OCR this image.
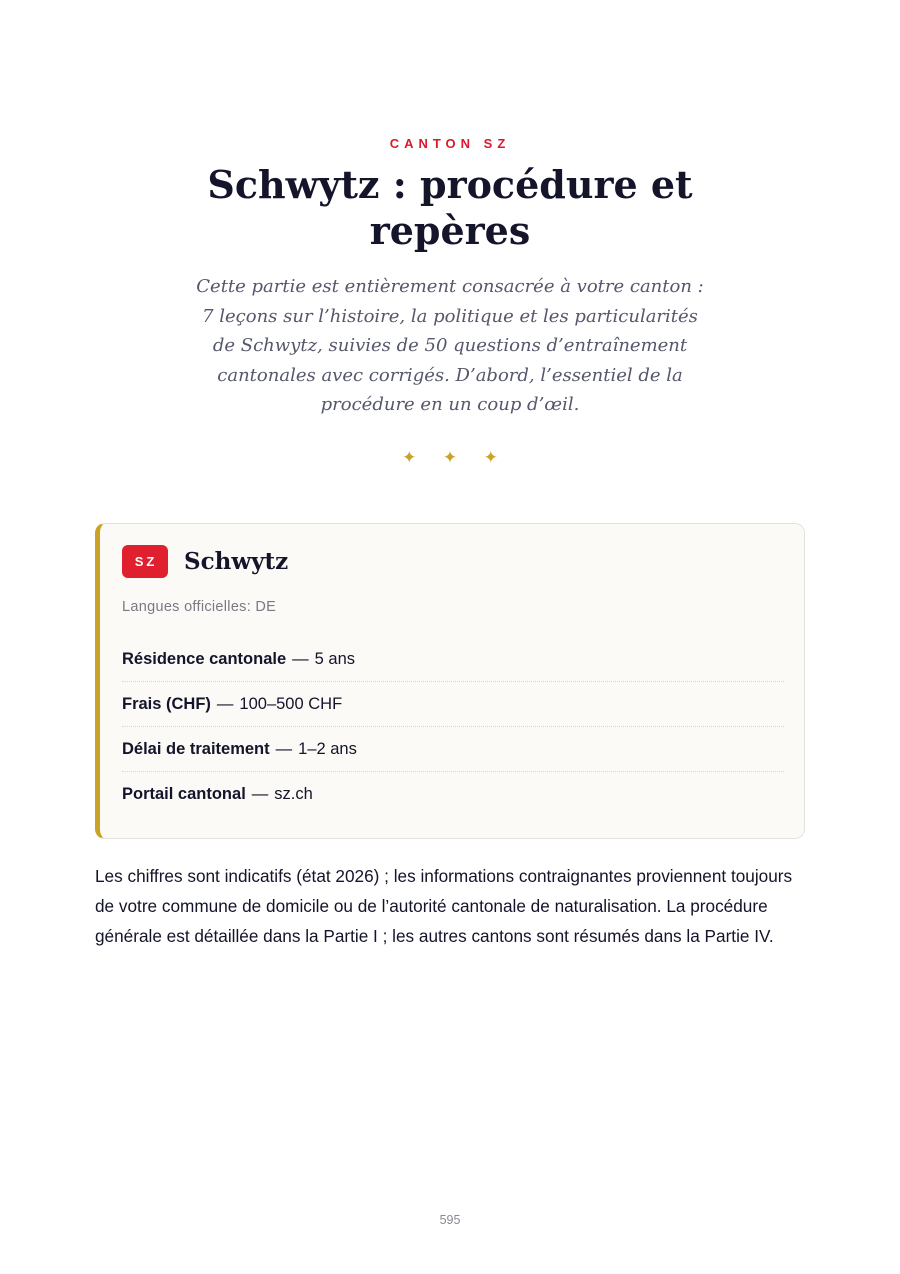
CANTON SZ
Schwytz : procédure et repères

Cette partie est entièrement consacrée à votre canton : 7 leçons sur l’histoire, la politique et les particularités de Schwytz, suivies de 50 questions d’entraînement cantonales avec corrigés. D’abord, l’essentiel de la procédure en un coup d’œil.

✦ ✦ ✦
SZ	Schwytz
Langues officielles: DE
Résidence cantonale — 5 ans
Frais (CHF) — 100–500 CHF
Délai de traitement — 1–2 ans
Portail cantonal — sz.ch

Les chiffres sont indicatifs (état 2026) ; les informations contraignantes proviennent toujours de votre commune de domicile ou de l’autorité cantonale de naturalisation. La procédure générale est détaillée dans la Partie I ; les autres cantons sont résumés dans la Partie IV.

595
